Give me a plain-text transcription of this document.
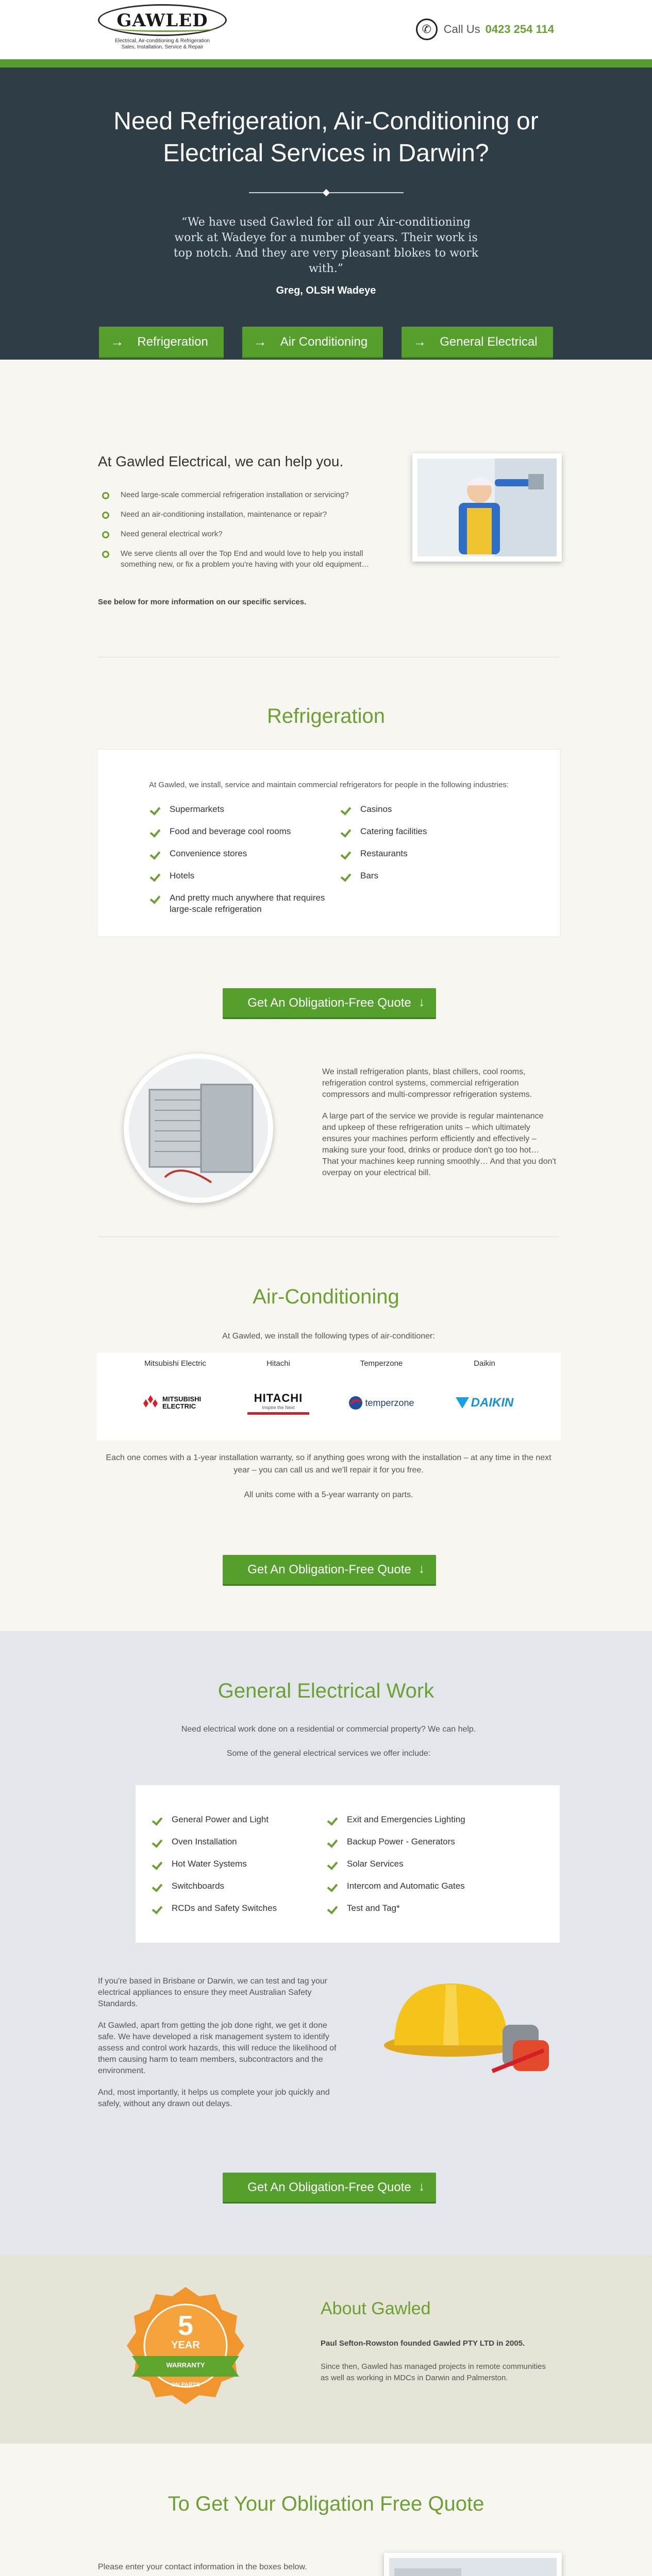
GAWLED
Electrical, Air-conditioning & Refrigeration Sales, Installation, Service & Repair
✆	Call Us 0423 254 114
Need Refrigeration, Air-Conditioning or Electrical Services in Darwin?

“We have used Gawled for all our Air-conditioning work at Wadeye for a number of years. Their work is top notch. And they are very pleasant blokes to work with.”

Greg, OLSH Wadeye

→ Refrigeration	→ Air Conditioning	→ General Electrical
At Gawled Electrical, we can help you.
Need large-scale commercial refrigeration installation or servicing?
Need an air-conditioning installation, maintenance or repair?
Need general electrical work?
We serve clients all over the Top End and would love to help you install something new, or fix a problem you're having with your old equipment…

See below for more information on our specific services.

Refrigeration

At Gawled, we install, service and maintain commercial refrigerators for people in the following industries:

Supermarkets
Food and beverage cool rooms
Convenience stores
Hotels
And pretty much anywhere that requires large-scale refrigeration
Casinos
Catering facilities
Restaurants
Bars
Get An Obligation-Free Quote ↓

We install refrigeration plants, blast chillers, cool rooms, refrigeration control systems, commercial refrigeration compressors and multi-compressor refrigeration systems.

A large part of the service we provide is regular maintenance and upkeep of these refrigeration units – which ultimately ensures your machines perform efficiently and effectively – making sure your food, drinks or produce don't go too hot… That your machines keep running smoothly… And that you don't overpay on your electrical bill.

Air-Conditioning

At Gawled, we install the following types of air-conditioner:

Mitsubishi Electric
MITSUBISHI ELECTRIC
Hitachi
HITACHI
Inspire the Next
Temperzone
temperzone
Daikin
DAIKIN

Each one comes with a 1-year installation warranty, so if anything goes wrong with the installation – at any time in the next year – you can call us and we'll repair it for you free.

All units come with a 5-year warranty on parts.

Get An Obligation-Free Quote ↓
General Electrical Work

Need electrical work done on a residential or commercial property? We can help.

Some of the general electrical services we offer include:

General Power and Light
Oven Installation
Hot Water Systems
Switchboards
RCDs and Safety Switches
Exit and Emergencies Lighting
Backup Power - Generators
Solar Services
Intercom and Automatic Gates
Test and Tag*

If you're based in Brisbane or Darwin, we can test and tag your electrical appliances to ensure they meet Australian Safety Standards.

At Gawled, apart from getting the job done right, we get it done safe. We have developed a risk management system to identify assess and control work hazards, this will reduce the likelihood of them causing harm to team members, subcontractors and the environment.

And, most importantly, it helps us complete your job quickly and safely, without any drawn out delays.

Get An Obligation-Free Quote ↓
5
YEAR
WARRANTY
ON PARTS
About Gawled

Paul Sefton-Rowston founded Gawled PTY LTD in 2005.

Since then, Gawled has managed projects in remote communities as well as working in MDCs in Darwin and Palmerston.

To Get Your Obligation Free Quote

Please enter your contact information in the boxes below.
